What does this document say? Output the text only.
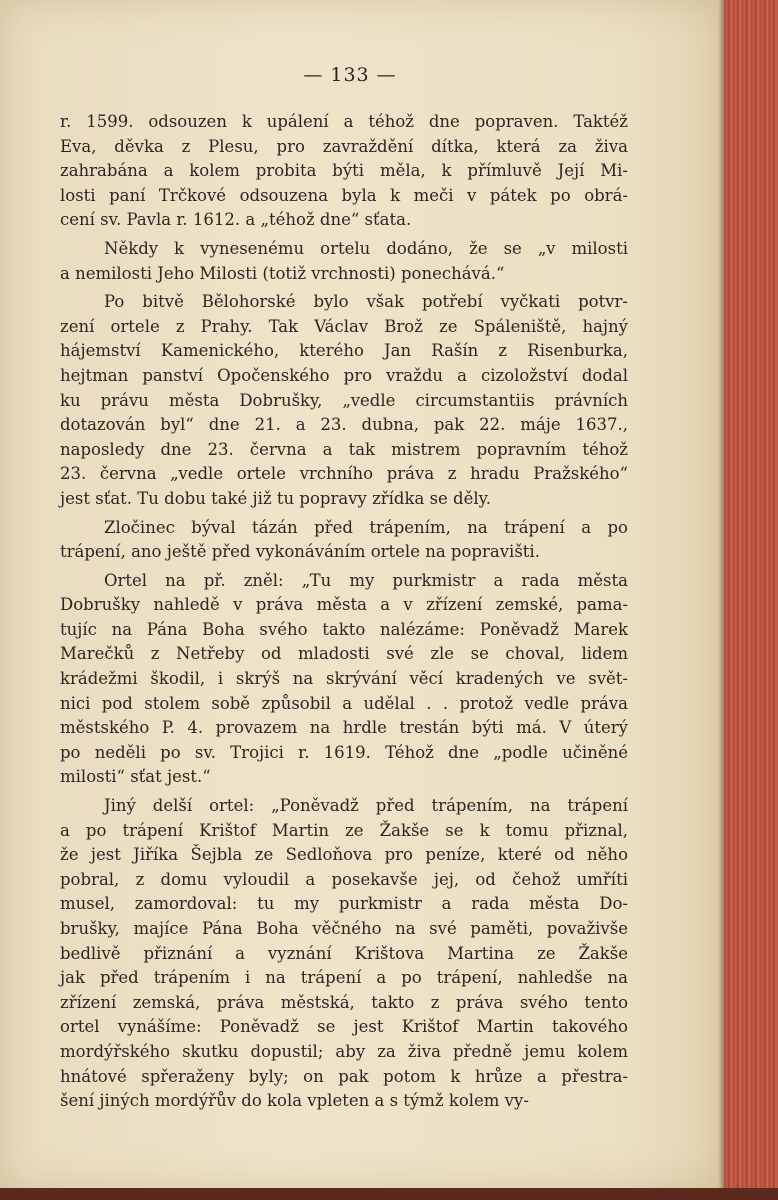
— 133 —
r. 1599. odsouzen k upálení a téhož dne popraven. Taktéž
Eva, děvka z Plesu, pro zavraždění dítka, která za živa
zahrabána a kolem probita býti měla, k přímluvě Její Mi-
losti paní Trčkové odsouzena byla k meči v pátek po obrá-
cení sv. Pavla r. 1612. a „téhož dne“ sťata.
Někdy k vynesenému ortelu dodáno, že se „v milosti
a nemilosti Jeho Milosti (totiž vrchnosti) ponechává.“
Po bitvě Bělohorské bylo však potřebí vyčkati potvr-
zení ortele z Prahy. Tak Václav Brož ze Spáleniště, hajný
hájemství Kamenického, kterého Jan Rašín z Risenburka,
hejtman panství Opočenského pro vraždu a cizoložství dodal
ku právu města Dobrušky, „vedle circumstantiis právních
dotazován byl“ dne 21. a 23. dubna, pak 22. máje 1637.,
naposledy dne 23. června a tak mistrem popravním téhož
23. června „vedle ortele vrchního práva z hradu Pražského“
jest sťat. Tu dobu také již tu popravy zřídka se děly.
Zločinec býval tázán před trápením, na trápení a po
trápení, ano ještě před vykonáváním ortele na popravišti.
Ortel na př. zněl: „Tu my purkmistr a rada města
Dobrušky nahledě v práva města a v zřízení zemské, pama-
tujíc na Pána Boha svého takto nalézáme: Poněvadž Marek
Marečků z Netřeby od mladosti své zle se choval, lidem
krádežmi škodil, i skrýš na skrývání věcí kradených ve svět-
nici pod stolem sobě způsobil a udělal . . protož vedle práva
městského P. 4. provazem na hrdle trestán býti má. V úterý
po neděli po sv. Trojici r. 1619. Téhož dne „podle učiněné
milosti“ sťat jest.“
Jiný delší ortel: „Poněvadž před trápením, na trápení
a po trápení Krištof Martin ze Žakše se k tomu přiznal,
že jest Jiříka Šejbla ze Sedloňova pro peníze, které od něho
pobral, z domu vyloudil a posekavše jej, od čehož umříti
musel, zamordoval: tu my purkmistr a rada města Do-
brušky, majíce Pána Boha věčného na své paměti, považivše
bedlivě přiznání a vyznání Krištova Martina ze Žakše
jak před trápením i na trápení a po trápení, nahledše na
zřízení zemská, práva městská, takto z práva svého tento
ortel vynášíme: Poněvadž se jest Krištof Martin takového
mordýřského skutku dopustil; aby za živa předně jemu kolem
hnátové spřeraženy byly; on pak potom k hrůze a přestra-
šení jiných mordýřův do kola vpleten a s týmž kolem vy-
